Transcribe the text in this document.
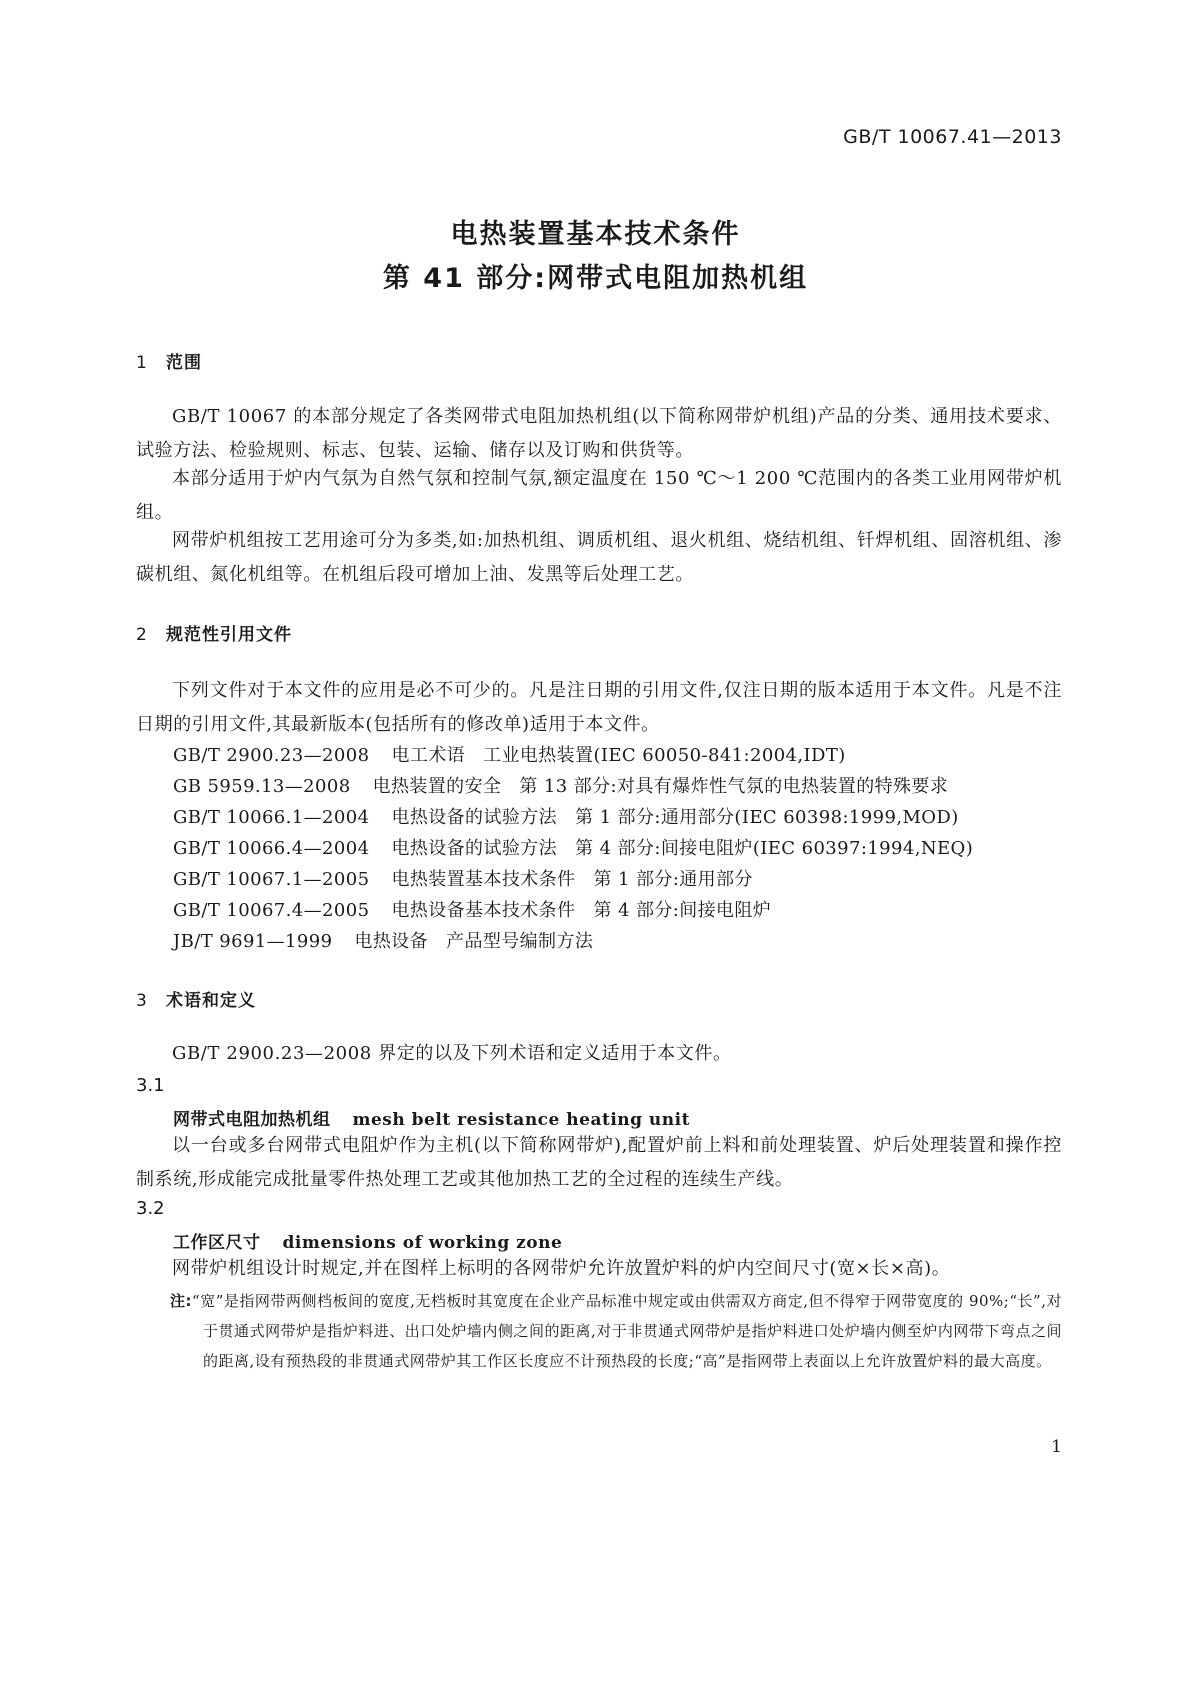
GB/T 10067.41—2013
电热装置基本技术条件
第 41 部分:网带式电阻加热机组
1 范围
GB/T 10067 的本部分规定了各类网带式电阻加热机组(以下简称网带炉机组)产品的分类、通用技术要求、试验方法、检验规则、标志、包装、运输、储存以及订购和供货等。
本部分适用于炉内气氛为自然气氛和控制气氛,额定温度在 150 ℃～1 200 ℃范围内的各类工业用网带炉机组。
网带炉机组按工艺用途可分为多类,如:加热机组、调质机组、退火机组、烧结机组、钎焊机组、固溶机组、渗碳机组、氮化机组等。在机组后段可增加上油、发黑等后处理工艺。
2 规范性引用文件
下列文件对于本文件的应用是必不可少的。凡是注日期的引用文件,仅注日期的版本适用于本文件。凡是不注日期的引用文件,其最新版本(包括所有的修改单)适用于本文件。
GB/T 2900.23—2008 电工术语 工业电热装置(IEC 60050-841:2004,IDT)
GB 5959.13—2008 电热装置的安全 第 13 部分:对具有爆炸性气氛的电热装置的特殊要求
GB/T 10066.1—2004 电热设备的试验方法 第 1 部分:通用部分(IEC 60398:1999,MOD)
GB/T 10066.4—2004 电热设备的试验方法 第 4 部分:间接电阻炉(IEC 60397:1994,NEQ)
GB/T 10067.1—2005 电热装置基本技术条件 第 1 部分:通用部分
GB/T 10067.4—2005 电热设备基本技术条件 第 4 部分:间接电阻炉
JB/T 9691—1999 电热设备 产品型号编制方法
3 术语和定义
GB/T 2900.23—2008 界定的以及下列术语和定义适用于本文件。
3.1
网带式电阻加热机组 mesh belt resistance heating unit
以一台或多台网带式电阻炉作为主机(以下简称网带炉),配置炉前上料和前处理装置、炉后处理装置和操作控制系统,形成能完成批量零件热处理工艺或其他加热工艺的全过程的连续生产线。
3.2
工作区尺寸 dimensions of working zone
网带炉机组设计时规定,并在图样上标明的各网带炉允许放置炉料的炉内空间尺寸(宽×长×高)。
注:“宽”是指网带两侧档板间的宽度,无档板时其宽度在企业产品标准中规定或由供需双方商定,但不得窄于网带宽度的 90%;“长”,对于贯通式网带炉是指炉料进、出口处炉墙内侧之间的距离,对于非贯通式网带炉是指炉料进口处炉墙内侧至炉内网带下弯点之间的距离,设有预热段的非贯通式网带炉其工作区长度应不计预热段的长度;“高”是指网带上表面以上允许放置炉料的最大高度。
1
